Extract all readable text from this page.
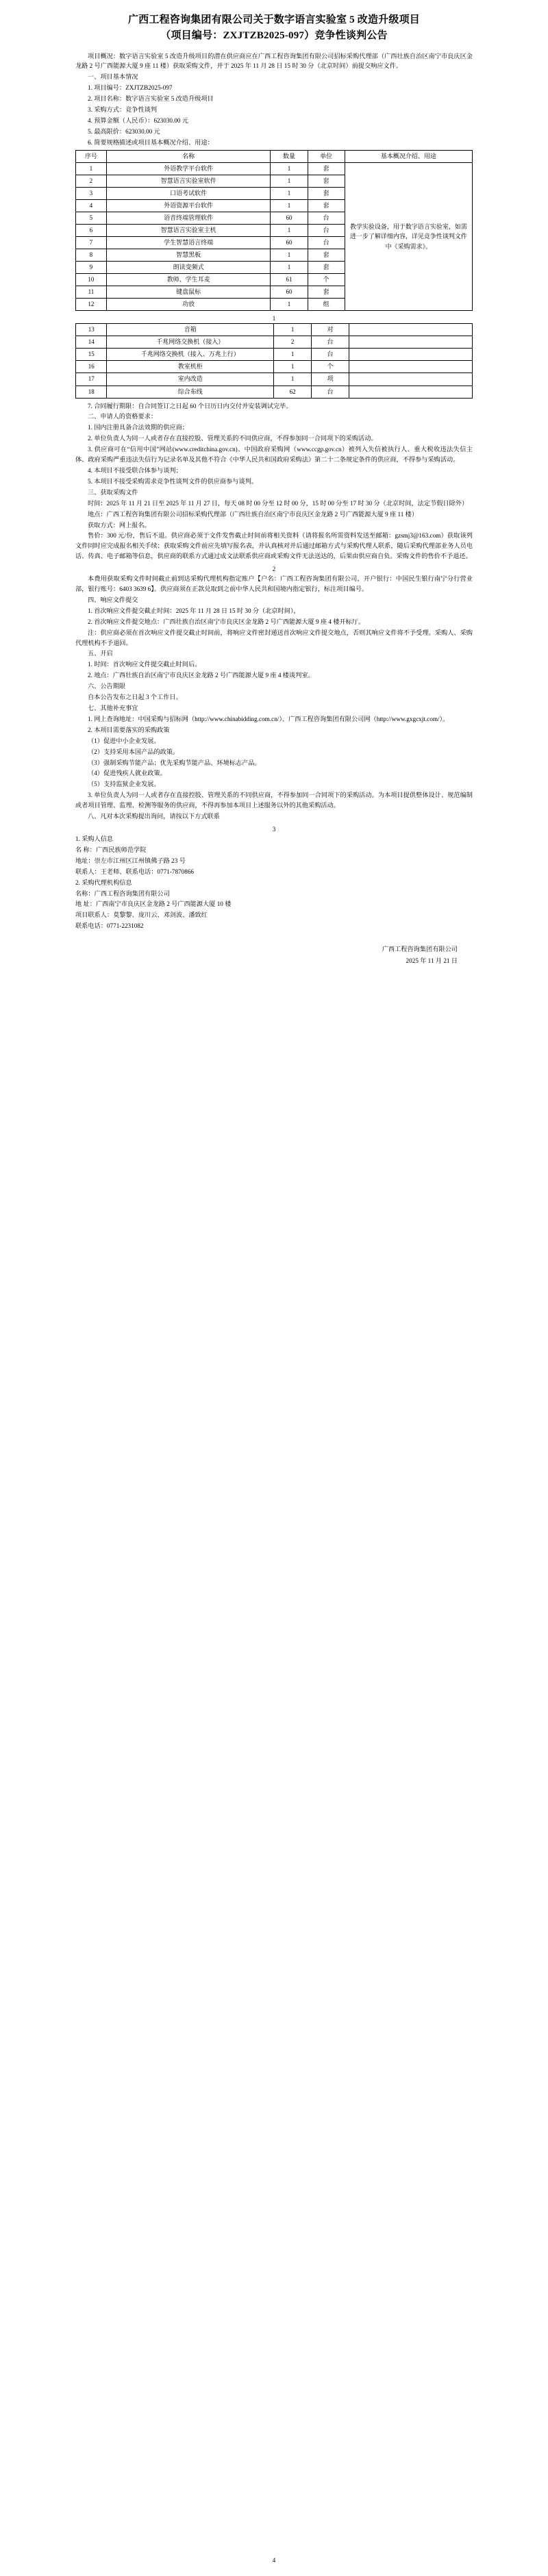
广西工程咨询集团有限公司关于数字语言实验室 5 改造升级项目
（项目编号：ZXJTZB2025-097）竞争性谈判公告

项目概况：数字语言实验室 5 改造升级项目的潜在供应商应在广西工程咨询集团有限公司招标采购代理部（广西壮族自治区南宁市良庆区金龙路 2 号广西能源大厦 9 座 11 楼）获取采购文件，并于 2025 年 11 月 28 日 15 时 30 分（北京时间）前提交响应文件。

一、项目基本情况

1. 项目编号：ZXJTZB2025-097

2. 项目名称：数字语言实验室 5 改造升级项目

3. 采购方式：竞争性谈判

4. 预算金额（人民币）：623030.00 元

5. 最高限价：623030.00 元

6. 简要规格描述或项目基本概况介绍、用途：

序号	名称	数量	单位	基本概况介绍、用途
1	外语教学平台软件	1	套	教学实验设备，用于数字语言实验室，如需进一步了解详细内容，详见竞争性谈判文件中《采购需求》。
2	智慧语言实验室软件	1	套	
3	口语考试软件	1	套	
4	外语资源平台软件	1	套	
5	语音终端管理软件	60	台	
6	智慧语言实验室主机	1	台	
7	学生智慧语言终端	60	台	
8	智慧黑板	1	套	
9	朗读变频式	1	套	
10	教师、学生耳麦	61	个	
11	键盘鼠标	60	套	
12	功放	1	组	
1
13	音箱	1	对	
14	千兆网络交换机（接入）	2	台	
15	千兆网络交换机（接入、万兆上行）	1	台	
16	教室机柜	1	个	
17	室内改造	1	项	
18	综合布线	62	台	

7. 合同履行期限：自合同签订之日起 60 个日历日内交付并安装调试完毕。

二、申请人的资格要求：

1. 国内注册具备合法效期的供应商；

2. 单位负责人为同一人或者存在直接控股、管理关系的不同供应商，不得参加同一合同项下的采购活动。

3. 供应商可在“信用中国”网站(www.creditchina.gov.cn)、中国政府采购网（www.ccgp.gov.cn）被列入失信被执行人、重大税收违法失信主体、政府采购严重违法失信行为记录名单及其他不符合《中华人民共和国政府采购法》第二十二条规定条件的供应商，不得参与采购活动。

4. 本项目不接受联合体参与谈判；

5. 本项目不接受采购需求竞争性谈判文件的供应商参与谈判。

三、获取采购文件

时间：2025 年 11 月 21 日至 2025 年 11 月 27 日，每天 08 时 00 分至 12 时 00 分，15 时 00 分至 17 时 30 分（北京时间，法定节假日除外）

地点：广西工程咨询集团有限公司招标采购代理部（广西壮族自治区南宁市良庆区金龙路 2 号广西能源大厦 9 座 11 楼）

获取方式：网上报名。

售价：300 元/份，售后不退。供应商必须于文件发售截止时间前将相关资料（请将报名所需资料发送至邮箱：gzsmj3@163.com）获取该列文件同时应完成报名相关手续；获取采购文件前应先填写报名表，并认真核对并后通过邮箱方式与采购代理人联系，随后采购代理部业务人员电话、传真、电子邮箱等信息，供应商的联系方式通过成文法联系供应商或采购文件无法送达的，后果由供应商自负。采购文件的售价不予退还。

2

本费用获取采购文件时间截止前到达采购代理机构指定账户【户名：广西工程咨询集团有限公司，开户银行：中国民生银行南宁分行营业部，银行账号：6403 3639 6】。供应商须在正款兑取到之前中华人民共和国境内指定银行，标注项目编号。

四、响应文件提交

1. 首次响应文件提交截止时间：2025 年 11 月 28 日 15 时 30 分（北京时间），

2. 首次响应文件提交地点：广西壮族自治区南宁市良庆区金龙路 2 号广西能源大厦 9 座 4 楼开标厅。

注：供应商必须在首次响应文件提交截止时间前，将响应文件密封递送首次响应文件提交地点，否则其响应文件将不予受理。采购人、采购代理机构不予退回。

五、开启

1. 时间：首次响应文件提交截止时间后。

2. 地点：广西壮族自治区南宁市良庆区金龙路 2 号广西能源大厦 9 座 4 楼谈判室。

六、公告期限

自本公告发布之日起 3 个工作日。

七、其他补充事宜

1. 网上查询地址：中国采购与招标网（http://www.chinabidding.com.cn/）、广西工程咨询集团有限公司网（http://www.gxgcxjt.com/）。

2. 本项目需要落实的采购政策

（1）促进中小企业发展。

（2）支持采用本国产品的政策。

（3）强制采购节能产品；优先采购节能产品、环境标志产品。

（4）促进残疾人就业政策。

（5）支持监狱企业发展。

3. 单位负责人为同一人或者存在直接控股、管理关系的不同供应商，不得参加同一合同项下的采购活动。为本项目提供整体设计、规范编制或者项目管理、监理、检测等服务的供应商，不得再参加本项目上述服务以外的其他采购活动。

八、凡对本次采购提出询问，请按以下方式联系

3

1. 采购人信息

名 称：广西民族师范学院

地址：崇左市江州区江州镇佛子路 23 号

联系人：王老师、联系电话：0771-7870866

2. 采购代理机构信息

名称：广西工程咨询集团有限公司

地 址：广西南宁市良庆区金龙路 2 号广西能源大厦 10 楼

项目联系人：莫黎黎、庞川云、邓剑波、潘致红

联系电话：0771-2231082

广西工程咨询集团有限公司
2025 年 11 月 21 日
4
